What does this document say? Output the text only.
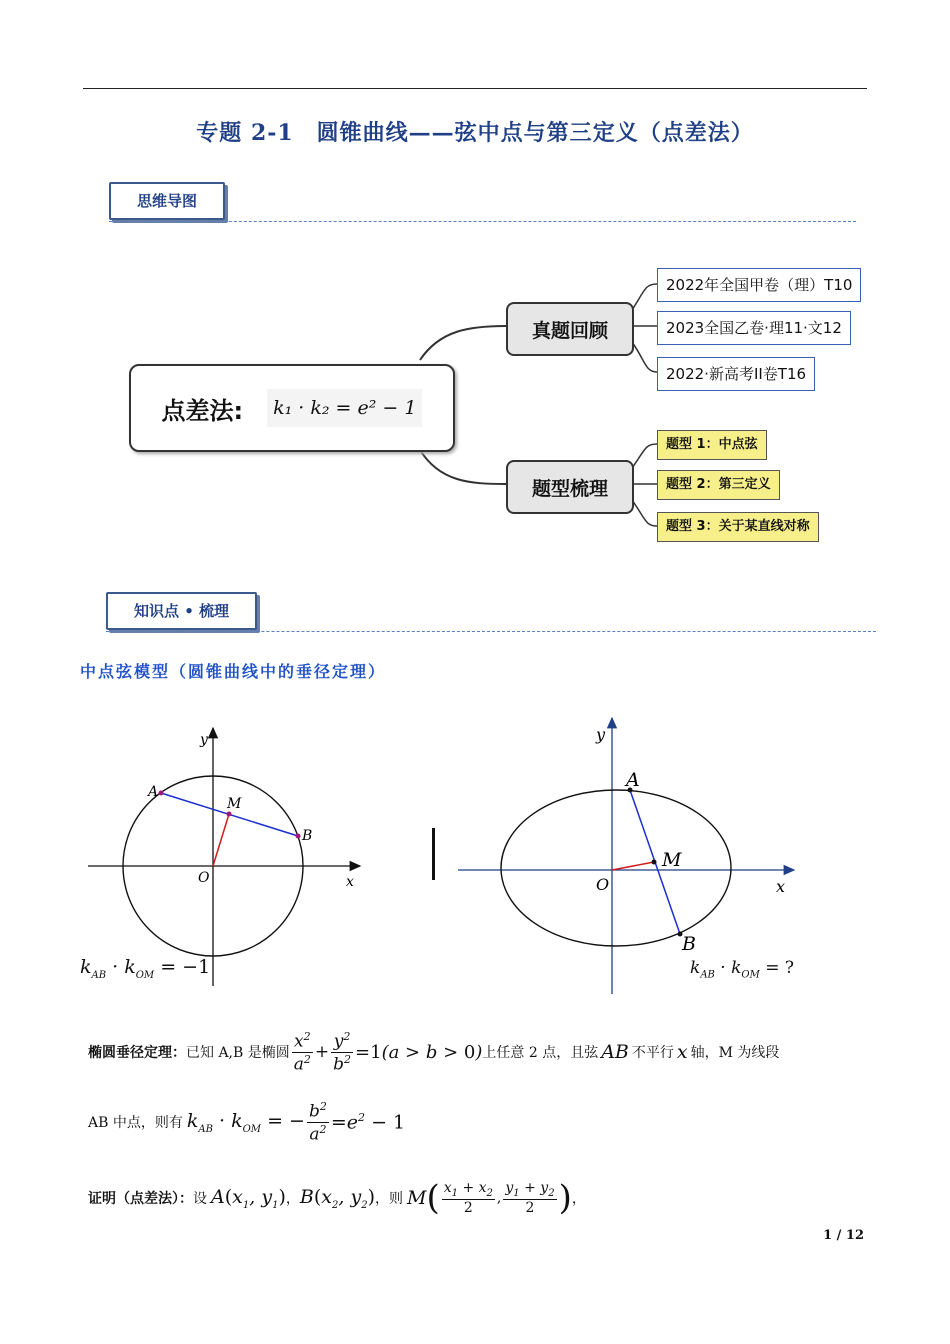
专题 2-1　圆锥曲线——弦中点与第三定义（点差法）
思维导图
点差法:	k₁ · k₂ = e² − 1
真题回顾
题型梳理
2022年全国甲卷（理）T10
2023全国乙卷·理11·文12
2022·新高考II卷T16
题型 1：中点弦
题型 2：第三定义
题型 3：关于某直线对称
知识点 • 梳理
中点弦模型（圆锥曲线中的垂径定理）
y
x
O
A
B
M
$k_{AB} \cdot k_{OM} = -1$
y
x
O
A
B
M
$k_{AB} \cdot k_{OM}$ = ?
椭圆垂径定理： 已知 A,B 是椭圆 $\frac{x^2}{a^2} + \frac{y^2}{b^2} =1(a > b > 0)$ 上任意 2 点，且弦 AB 不平行 x 轴，M 为线段
AB 中点，则有 $k_{AB} \cdot k_{OM}$ = − $\frac{b^2}{a^2} =e^2 - 1$
证明（点差法）： 设 $A(x_1$, $y_1$) ， $B(x_2$, $y_2$) ，则 M ( $\frac{x_1 + x_2}{2}$ , $\frac{y_1 + y_2}{2}$ ) ，
1 / 12
